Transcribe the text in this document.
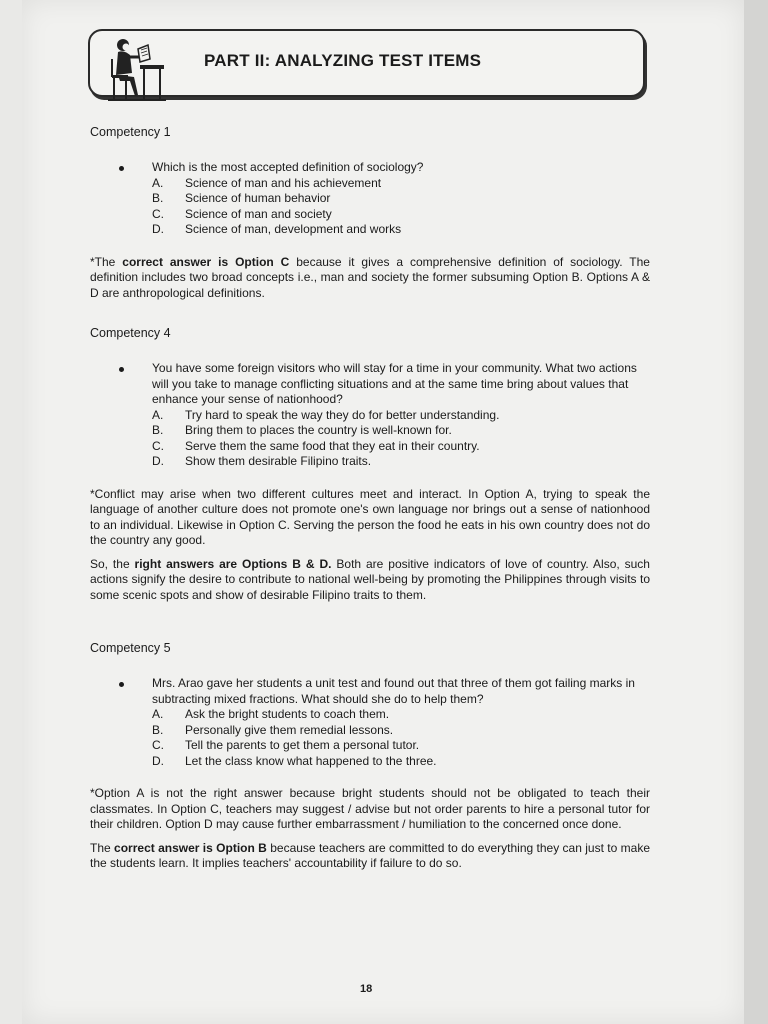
PART II: ANALYZING TEST ITEMS

Competency 1

Which is the most accepted definition of sociology?
A.	Science of man and his achievement
B.	Science of human behavior
C.	Science of man and society
D.	Science of man, development and works

*The correct answer is Option C because it gives a comprehensive definition of sociology. The definition includes two broad concepts i.e., man and society the former subsuming Option B. Options A & D are anthropological definitions.

Competency 4

You have some foreign visitors who will stay for a time in your community. What two actions will you take to manage conflicting situations and at the same time bring about values that enhance your sense of nationhood?
A.	Try hard to speak the way they do for better understanding.
B.	Bring them to places the country is well-known for.
C.	Serve them the same food that they eat in their country.
D.	Show them desirable Filipino traits.

*Conflict may arise when two different cultures meet and interact. In Option A, trying to speak the language of another culture does not promote one's own language nor brings out a sense of nationhood to an individual. Likewise in Option C. Serving the person the food he eats in his own country does not do the country any good.

So, the right answers are Options B & D. Both are positive indicators of love of country. Also, such actions signify the desire to contribute to national well-being by promoting the Philippines through visits to some scenic spots and show of desirable Filipino traits to them.

Competency 5

Mrs. Arao gave her students a unit test and found out that three of them got failing marks in subtracting mixed fractions. What should she do to help them?
A.	Ask the bright students to coach them.
B.	Personally give them remedial lessons.
C.	Tell the parents to get them a personal tutor.
D.	Let the class know what happened to the three.

*Option A is not the right answer because bright students should not be obligated to teach their classmates. In Option C, teachers may suggest / advise but not order parents to hire a personal tutor for their children. Option D may cause further embarrassment / humiliation to the concerned once done.

The correct answer is Option B because teachers are committed to do everything they can just to make the students learn. It implies teachers' accountability if failure to do so.

18
